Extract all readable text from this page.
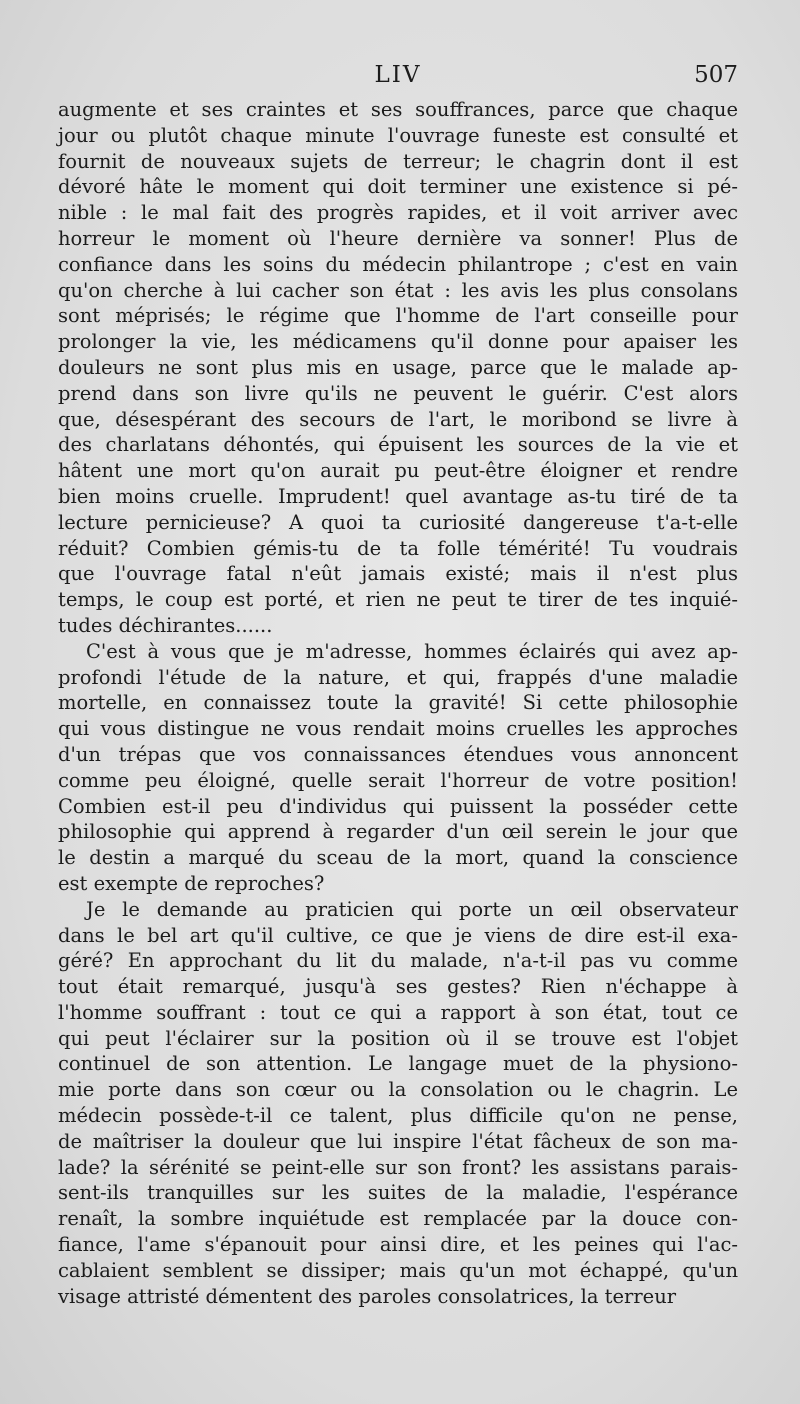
LIV	507
augmente et ses craintes et ses souffrances, parce que chaque
jour ou plutôt chaque minute l'ouvrage funeste est consulté et
fournit de nouveaux sujets de terreur; le chagrin dont il est
dévoré hâte le moment qui doit terminer une existence si pé-
nible : le mal fait des progrès rapides, et il voit arriver avec
horreur le moment où l'heure dernière va sonner! Plus de
confiance dans les soins du médecin philantrope ; c'est en vain
qu'on cherche à lui cacher son état : les avis les plus consolans
sont méprisés; le régime que l'homme de l'art conseille pour
prolonger la vie, les médicamens qu'il donne pour apaiser les
douleurs ne sont plus mis en usage, parce que le malade ap-
prend dans son livre qu'ils ne peuvent le guérir. C'est alors
que, désespérant des secours de l'art, le moribond se livre à
des charlatans déhontés, qui épuisent les sources de la vie et
hâtent une mort qu'on aurait pu peut-être éloigner et rendre
bien moins cruelle. Imprudent! quel avantage as-tu tiré de ta
lecture pernicieuse? A quoi ta curiosité dangereuse t'a-t-elle
réduit? Combien gémis-tu de ta folle témérité! Tu voudrais
que l'ouvrage fatal n'eût jamais existé; mais il n'est plus
temps, le coup est porté, et rien ne peut te tirer de tes inquié-
tudes déchirantes......
C'est à vous que je m'adresse, hommes éclairés qui avez ap-
profondi l'étude de la nature, et qui, frappés d'une maladie
mortelle, en connaissez toute la gravité! Si cette philosophie
qui vous distingue ne vous rendait moins cruelles les approches
d'un trépas que vos connaissances étendues vous annoncent
comme peu éloigné, quelle serait l'horreur de votre position!
Combien est-il peu d'individus qui puissent la posséder cette
philosophie qui apprend à regarder d'un œil serein le jour que
le destin a marqué du sceau de la mort, quand la conscience
est exempte de reproches?
Je le demande au praticien qui porte un œil observateur
dans le bel art qu'il cultive, ce que je viens de dire est-il exa-
géré? En approchant du lit du malade, n'a-t-il pas vu comme
tout était remarqué, jusqu'à ses gestes? Rien n'échappe à
l'homme souffrant : tout ce qui a rapport à son état, tout ce
qui peut l'éclairer sur la position où il se trouve est l'objet
continuel de son attention. Le langage muet de la physiono-
mie porte dans son cœur ou la consolation ou le chagrin. Le
médecin possède-t-il ce talent, plus difficile qu'on ne pense,
de maîtriser la douleur que lui inspire l'état fâcheux de son ma-
lade? la sérénité se peint-elle sur son front? les assistans parais-
sent-ils tranquilles sur les suites de la maladie, l'espérance
renaît, la sombre inquiétude est remplacée par la douce con-
fiance, l'ame s'épanouit pour ainsi dire, et les peines qui l'ac-
cablaient semblent se dissiper; mais qu'un mot échappé, qu'un
visage attristé démentent des paroles consolatrices, la terreur
